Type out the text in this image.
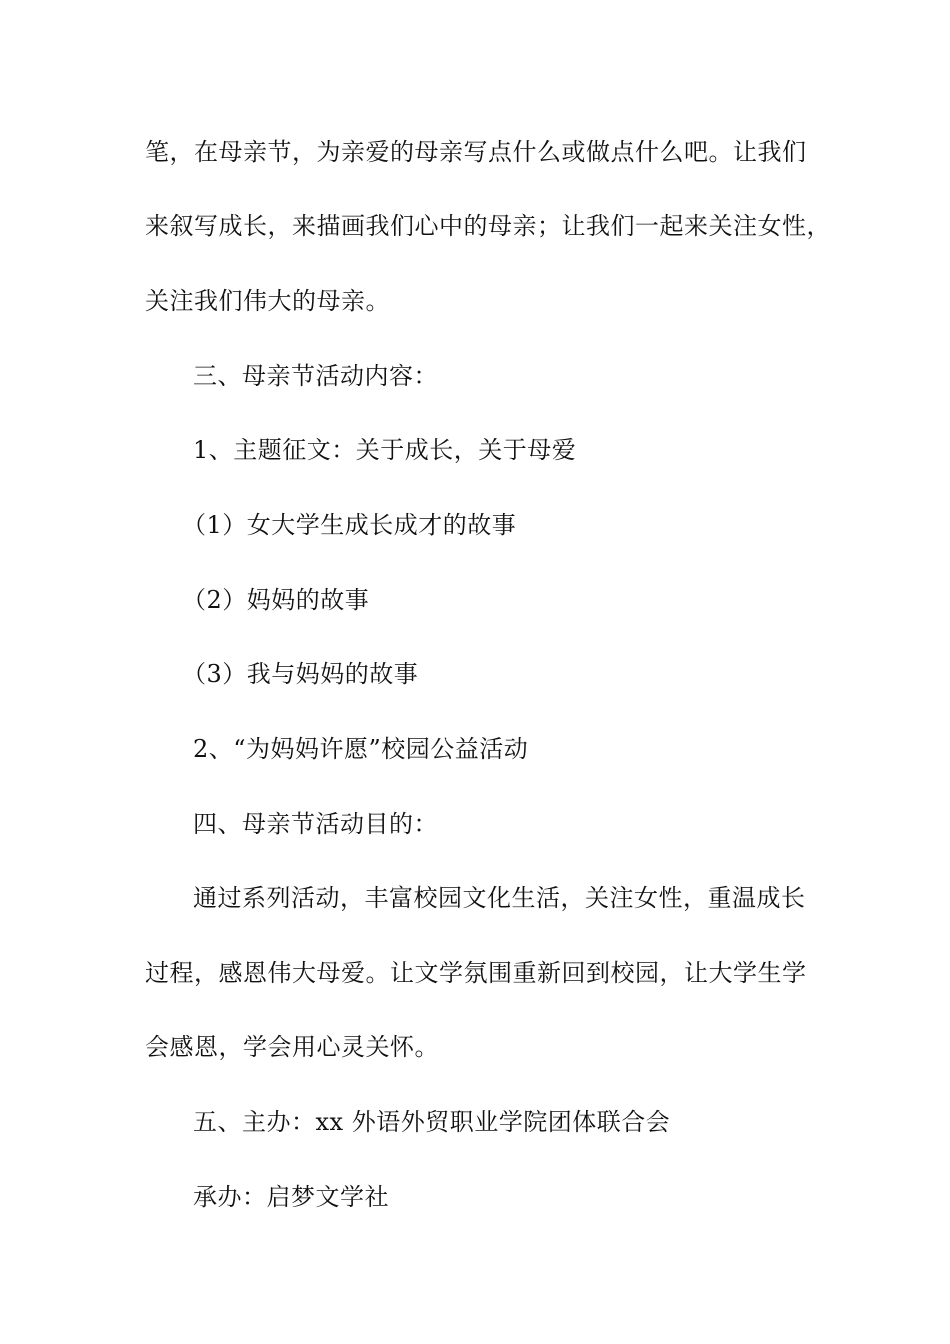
笔，在母亲节，为亲爱的母亲写点什么或做点什么吧。让我们
来叙写成长，来描画我们心中的母亲；让我们一起来关注女性，
关注我们伟大的母亲。
三、母亲节活动内容：
1、主题征文：关于成长，关于母爱
（1）女大学生成长成才的故事
（2）妈妈的故事
（3）我与妈妈的故事
2、“为妈妈许愿”校园公益活动
四、母亲节活动目的：
通过系列活动，丰富校园文化生活，关注女性，重温成长
过程，感恩伟大母爱。让文学氛围重新回到校园，让大学生学
会感恩，学会用心灵关怀。
五、主办：xx 外语外贸职业学院团体联合会
承办：启梦文学社
